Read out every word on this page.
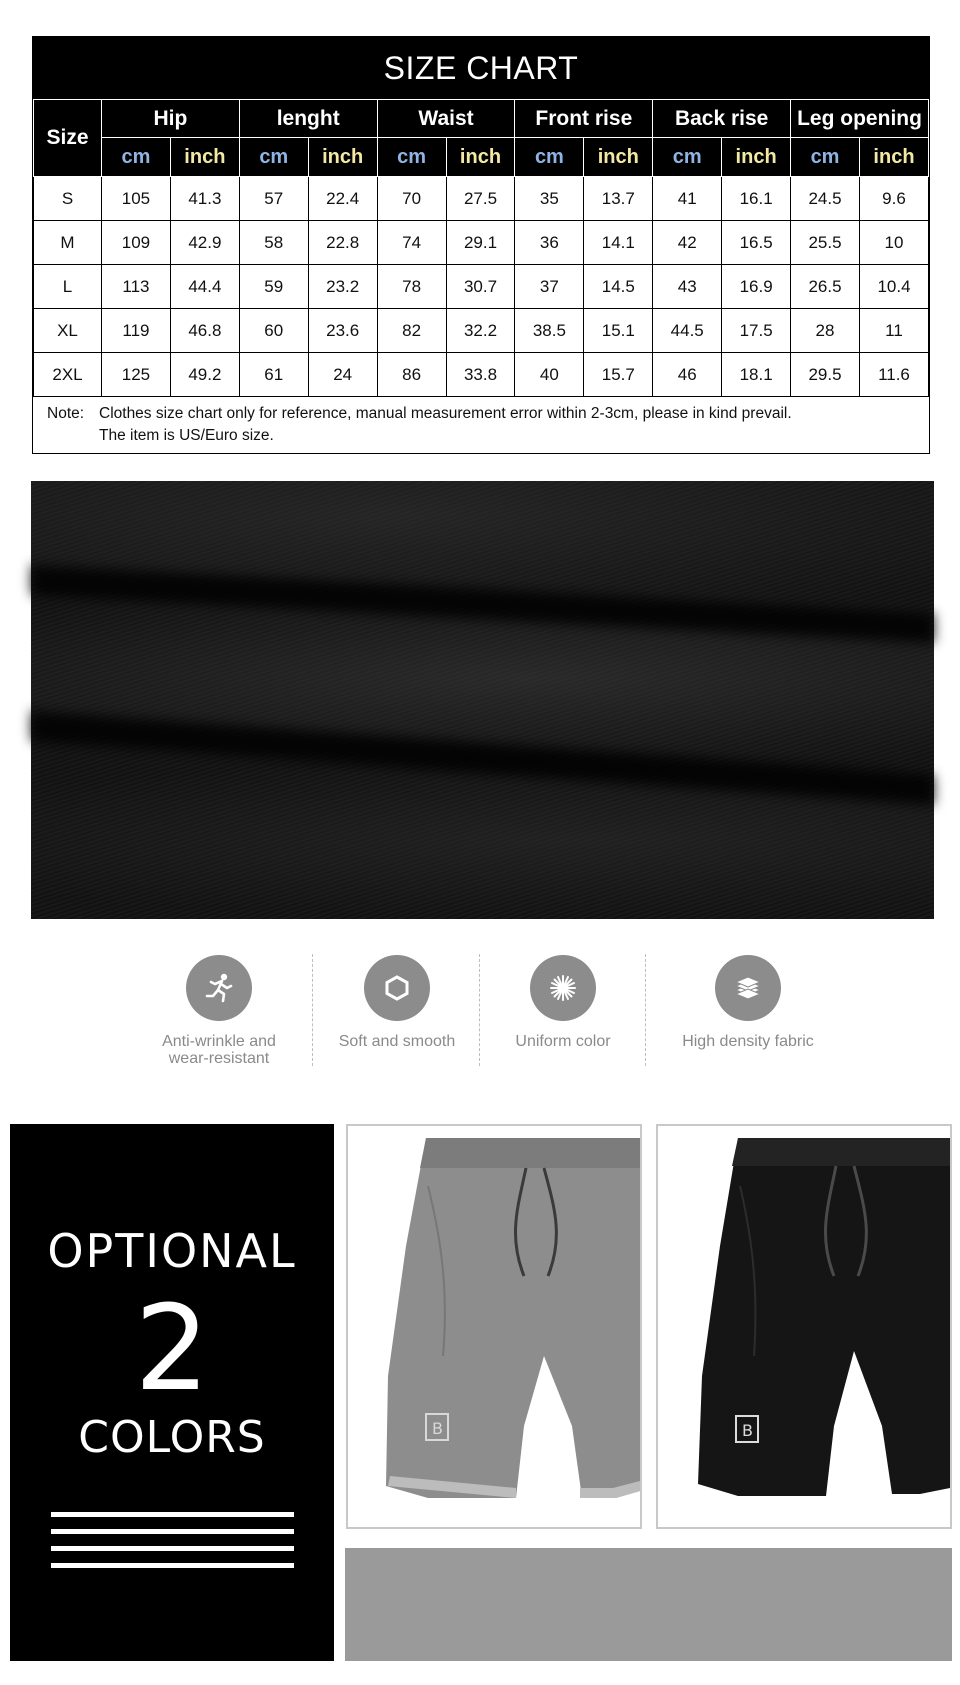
SIZE CHART
Size	Hip		lenght		Waist		Front rise		Back rise		Leg opening	
	cm	inch	cm	inch	cm	inch	cm	inch	cm	inch	cm	inch
S	105	41.3	57	22.4	70	27.5	35	13.7	41	16.1	24.5	9.6
M	109	42.9	58	22.8	74	29.1	36	14.1	42	16.5	25.5	10
L	113	44.4	59	23.2	78	30.7	37	14.5	43	16.9	26.5	10.4
XL	119	46.8	60	23.6	82	32.2	38.5	15.1	44.5	17.5	28	11
2XL	125	49.2	61	24	86	33.8	40	15.7	46	18.1	29.5	11.6
Note: Clothes size chart only for reference, manual measurement error within 2-3cm, please in kind prevail.
The item is US/Euro size.
Anti-wrinkle and
wear-resistant
Soft and smooth	Uniform color	High density fabric
OPTIONAL
2
COLORS	B	B
